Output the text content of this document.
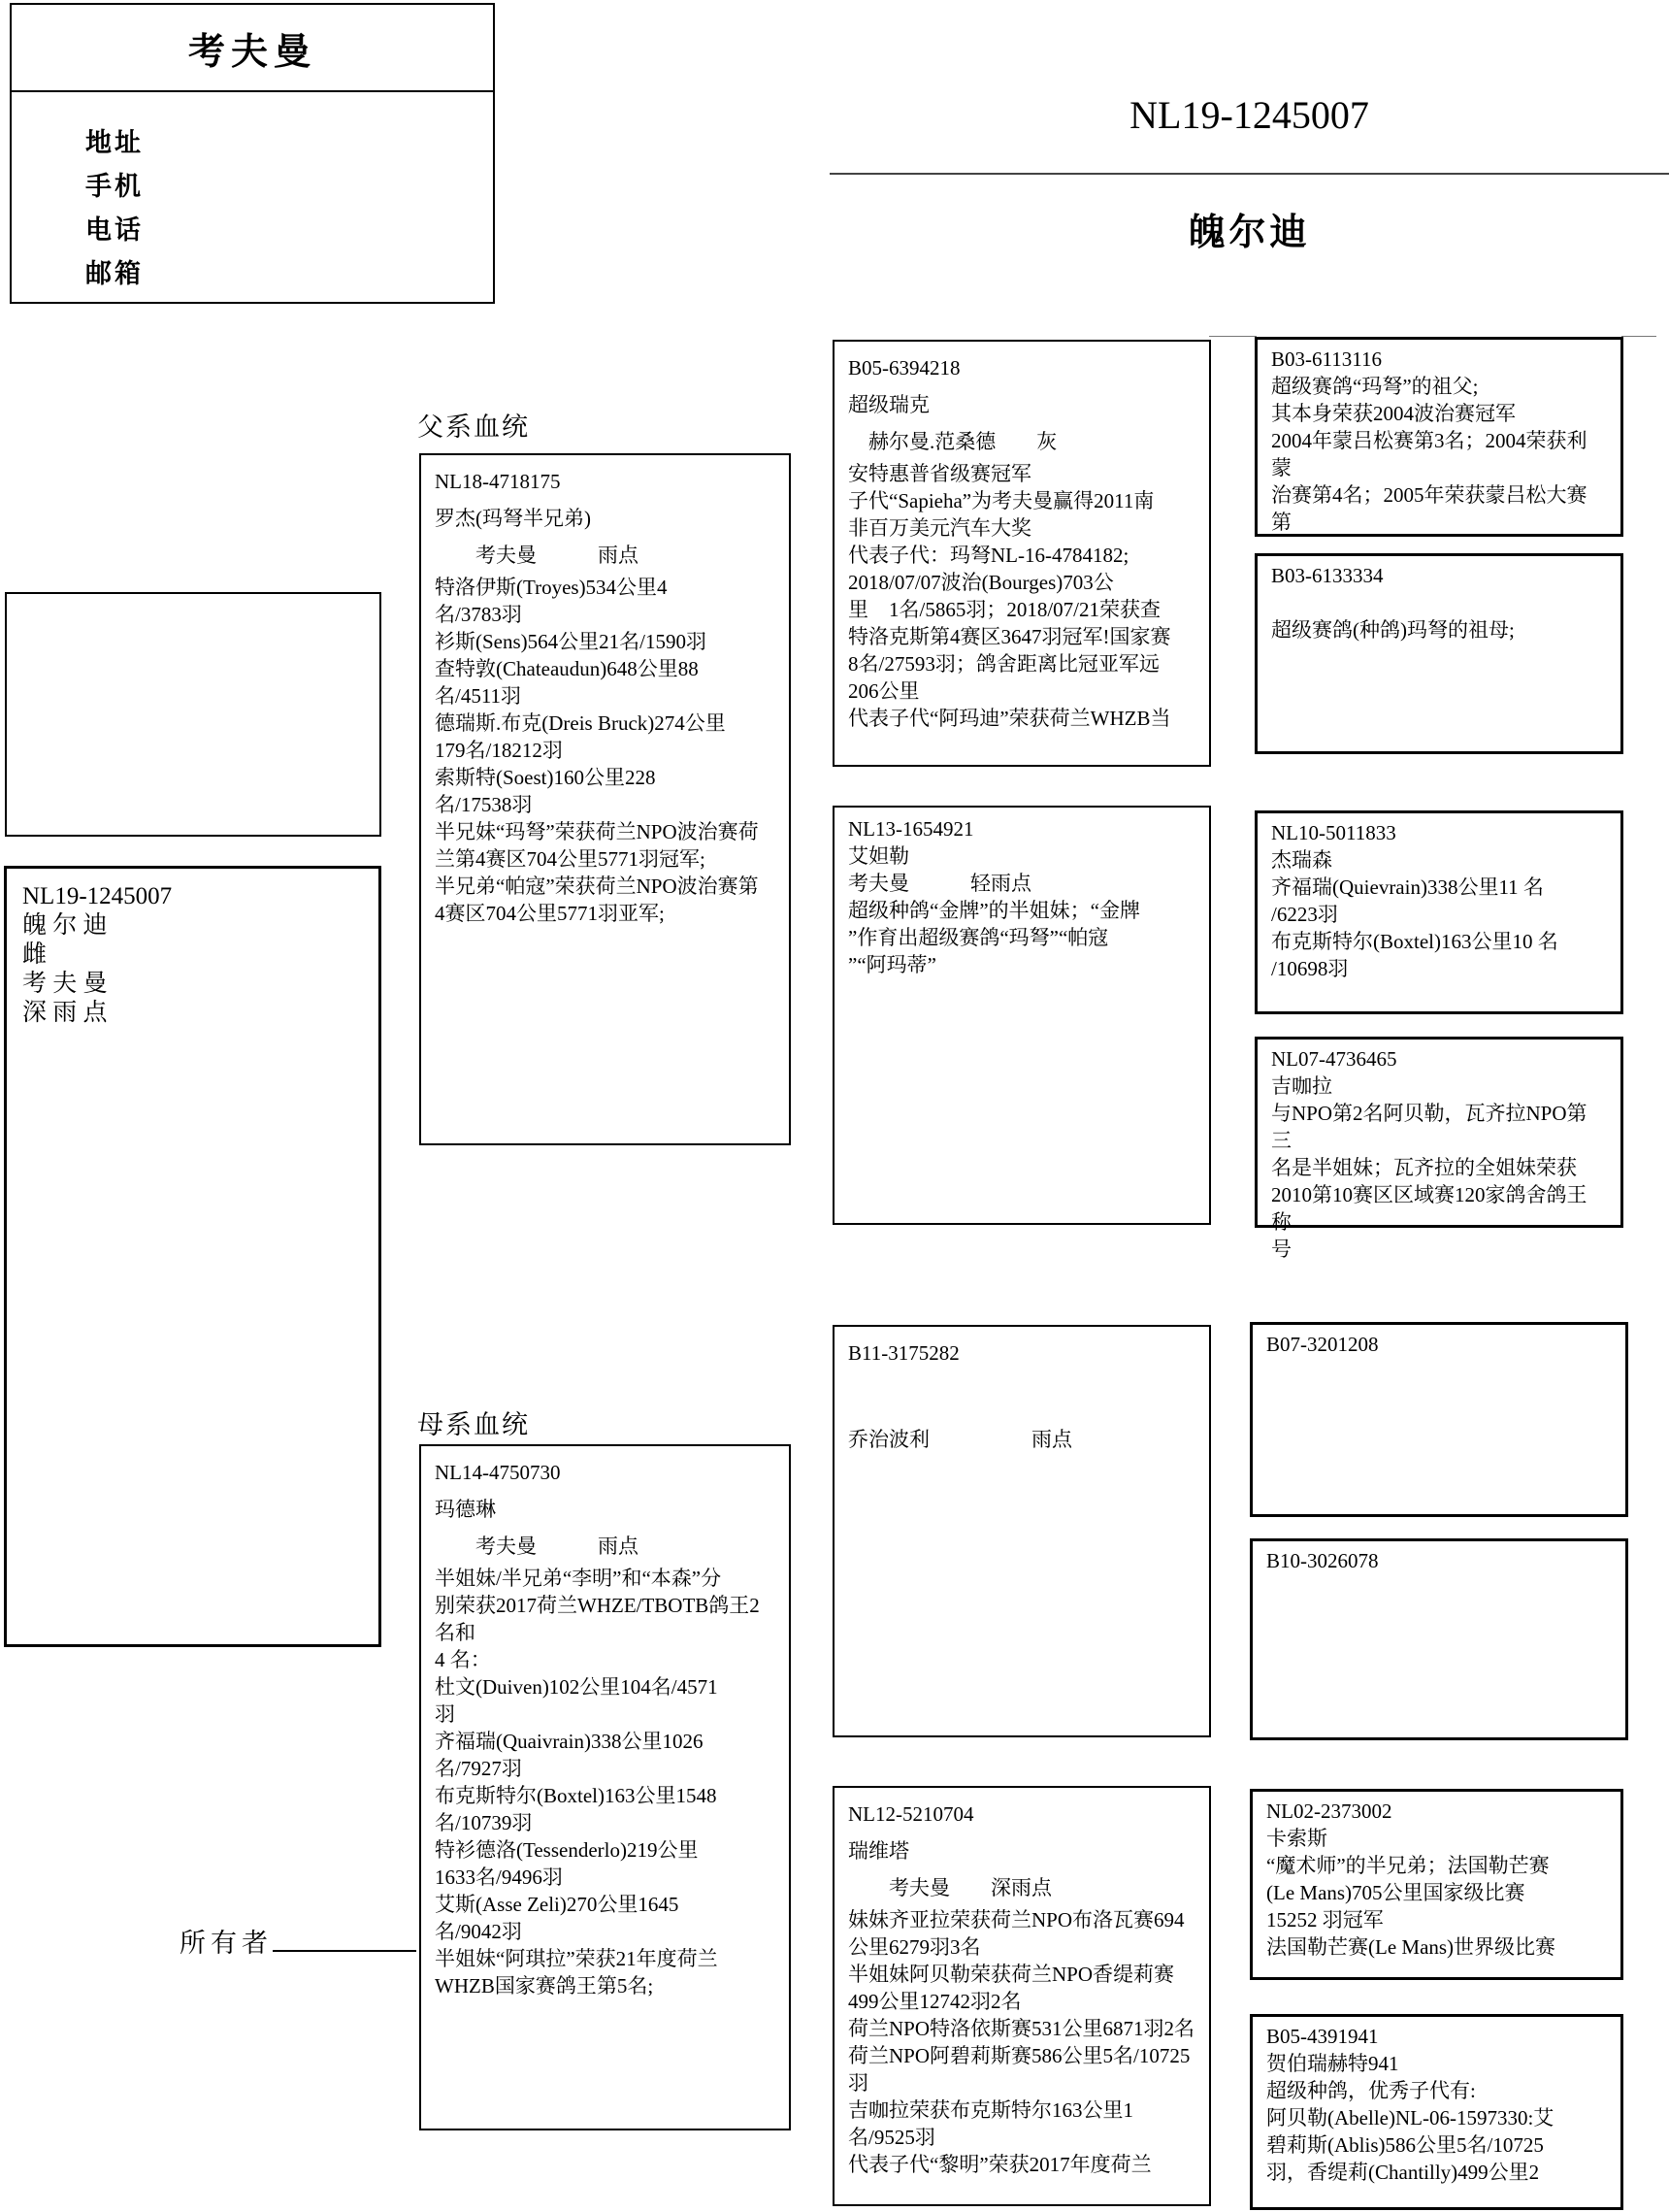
考夫曼
地址
手机
电话
邮箱
NL19-1245007
魄尔迪
NL19-1245007
魄 尔 迪
雌
考 夫 曼
深 雨 点
所有者
父系血统
母系血统
NL18-4718175
罗杰(玛弩半兄弟)
　　考夫曼　　　雨点
特洛伊斯(Troyes)534公里4
名/3783羽
衫斯(Sens)564公里21名/1590羽
查特敦(Chateaudun)648公里88
名/4511羽
德瑞斯.布克(Dreis Bruck)274公里
179名/18212羽
索斯特(Soest)160公里228
名/17538羽
半兄妹“玛弩”荣获荷兰NPO波治赛荷
兰第4赛区704公里5771羽冠军;
半兄弟“帕寇”荣获荷兰NPO波治赛第
4赛区704公里5771羽亚军;
NL14-4750730
玛德琳
　　考夫曼　　　雨点
半姐妹/半兄弟“李明”和“本森”分
别荣获2017荷兰WHZE/TBOTB鸽王2名和
4 名：
杜文(Duiven)102公里104名/4571
羽
齐福瑞(Quaivrain)338公里1026
名/7927羽
布克斯特尔(Boxtel)163公里1548
名/10739羽
特衫德洛(Tessenderlo)219公里
1633名/9496羽
艾斯(Asse Zeli)270公里1645
名/9042羽
半姐妹“阿琪拉”荣获21年度荷兰
WHZB国家赛鸽王第5名;
B05-6394218
超级瑞克
　赫尔曼.范桑德　　灰
安特惠普省级赛冠军
子代“Sapieha”为考夫曼赢得2011南
非百万美元汽车大奖
代表子代：玛弩NL-16-4784182;
2018/07/07波治(Bourges)703公
里　1名/5865羽；2018/07/21荣获查
特洛克斯第4赛区3647羽冠军!国家赛
8名/27593羽；鸽舍距离比冠亚军远
206公里
代表子代“阿玛迪”荣获荷兰WHZB当
NL13-1654921
艾妲勒
考夫曼　　　轻雨点
超级种鸽“金牌”的半姐妹；“金牌
”作育出超级赛鸽“玛弩”“帕寇
”“阿玛蒂”
B11-3175282
乔治波利　　　　　雨点
NL12-5210704
瑞维塔
　　考夫曼　　深雨点
妹妹齐亚拉荣获荷兰NPO布洛瓦赛694
公里6279羽3名
半姐妹阿贝勒荣获荷兰NPO香缇莉赛
499公里12742羽2名
荷兰NPO特洛依斯赛531公里6871羽2名
荷兰NPO阿碧莉斯赛586公里5名/10725
羽
吉咖拉荣获布克斯特尔163公里1
名/9525羽
代表子代“黎明”荣获2017年度荷兰
B03-6113116
超级赛鸽“玛弩”的祖父;
其本身荣获2004波治赛冠军
2004年蒙吕松赛第3名；2004荣获利蒙
治赛第4名；2005年荣获蒙吕松大赛第
B03-6133334
超级赛鸽(种鸽)玛弩的祖母;
NL10-5011833
杰瑞森
齐福瑞(Quievrain)338公里11 名
/6223羽
布克斯特尔(Boxtel)163公里10 名
/10698羽
NL07-4736465
吉咖拉
与NPO第2名阿贝勒，瓦齐拉NPO第三
名是半姐妹；瓦齐拉的全姐妹荣获
2010第10赛区区域赛120家鸽舍鸽王称
号
B07-3201208
B10-3026078
NL02-2373002
卡索斯
“魔术师”的半兄弟；法国勒芒赛
(Le Mans)705公里国家级比赛
15252 羽冠军
法国勒芒赛(Le Mans)世界级比赛
B05-4391941
贺伯瑞赫特941
超级种鸽，优秀子代有:
阿贝勒(Abelle)NL-06-1597330:艾
碧莉斯(Ablis)586公里5名/10725
羽，香缇莉(Chantilly)499公里2
